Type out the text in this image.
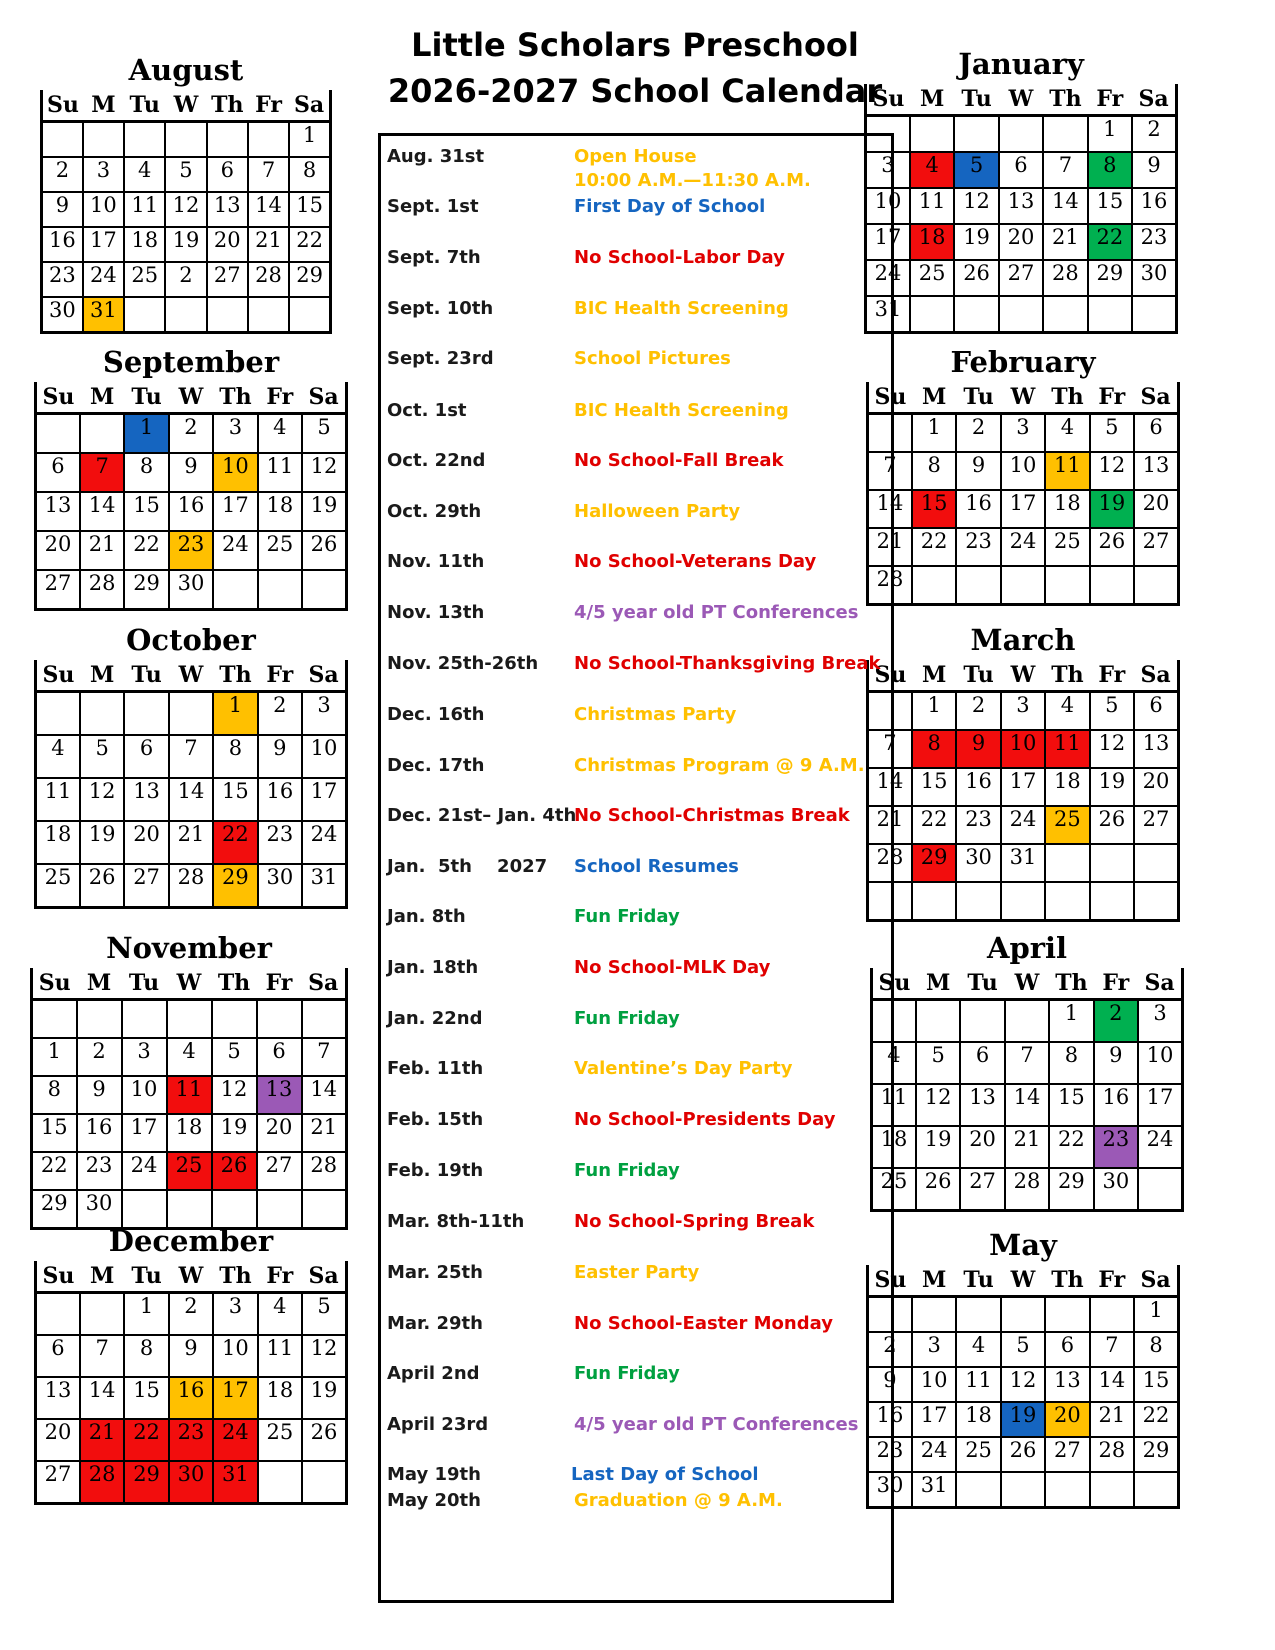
Little Scholars Preschool
2026-2027 School Calendar
August
Su	M	Tu	W	Th	Fr	Sa
						1
2	3	4	5	6	7	8
9	10	11	12	13	14	15
16	17	18	19	20	21	22
23	24	25	2	27	28	29
30	31					
September
Su	M	Tu	W	Th	Fr	Sa
		1	2	3	4	5
6	7	8	9	10	11	12
13	14	15	16	17	18	19
20	21	22	23	24	25	26
27	28	29	30			
October
Su	M	Tu	W	Th	Fr	Sa
				1	2	3
4	5	6	7	8	9	10
11	12	13	14	15	16	17
18	19	20	21	22	23	24
25	26	27	28	29	30	31
November
Su	M	Tu	W	Th	Fr	Sa

1	2	3	4	5	6	7
8	9	10	11	12	13	14
15	16	17	18	19	20	21
22	23	24	25	26	27	28
29	30					
December
Su	M	Tu	W	Th	Fr	Sa
		1	2	3	4	5
6	7	8	9	10	11	12
13	14	15	16	17	18	19
20	21	22	23	24	25	26
27	28	29	30	31		
January
Su	M	Tu	W	Th	Fr	Sa
					1	2
3	4	5	6	7	8	9
10	11	12	13	14	15	16
17	18	19	20	21	22	23
24	25	26	27	28	29	30
31						
February
Su	M	Tu	W	Th	Fr	Sa
	1	2	3	4	5	6
7	8	9	10	11	12	13
14	15	16	17	18	19	20
21	22	23	24	25	26	27
28						
March
Su	M	Tu	W	Th	Fr	Sa
	1	2	3	4	5	6
7	8	9	10	11	12	13
14	15	16	17	18	19	20
21	22	23	24	25	26	27
28	29	30	31			

April
Su	M	Tu	W	Th	Fr	Sa
				1	2	3
4	5	6	7	8	9	10
11	12	13	14	15	16	17
18	19	20	21	22	23	24
25	26	27	28	29	30	
May
Su	M	Tu	W	Th	Fr	Sa
						1
2	3	4	5	6	7	8
9	10	11	12	13	14	15
16	17	18	19	20	21	22
23	24	25	26	27	28	29
30	31					
Aug. 31st	Open House
10:00 A.M.—11:30 A.M.
Sept. 1st	First Day of School
Sept. 7th	No School-Labor Day
Sept. 10th	BIC Health Screening
Sept. 23rd	School Pictures
Oct. 1st	BIC Health Screening
Oct. 22nd	No School-Fall Break
Oct. 29th	Halloween Party
Nov. 11th	No School-Veterans Day
Nov. 13th	4/5 year old PT Conferences
Nov. 25th-26th No School-Thanksgiving Break
Dec. 16th	Christmas Party
Dec. 17th	Christmas Program @ 9 A.M.
Dec. 21st– Jan. 4th
No School-Christmas Break
Jan.  5th    2027 School Resumes
Jan. 8th	Fun Friday
Jan. 18th	No School-MLK Day
Jan. 22nd	Fun Friday
Feb. 11th	Valentine’s Day Party
Feb. 15th	No School-Presidents Day
Feb. 19th	Fun Friday
Mar. 8th-11th	No School-Spring Break
Mar. 25th	Easter Party
Mar. 29th	No School-Easter Monday
April 2nd	Fun Friday
April 23rd	4/5 year old PT Conferences
May 19th	Last Day of School
May 20th	Graduation @ 9 A.M.
